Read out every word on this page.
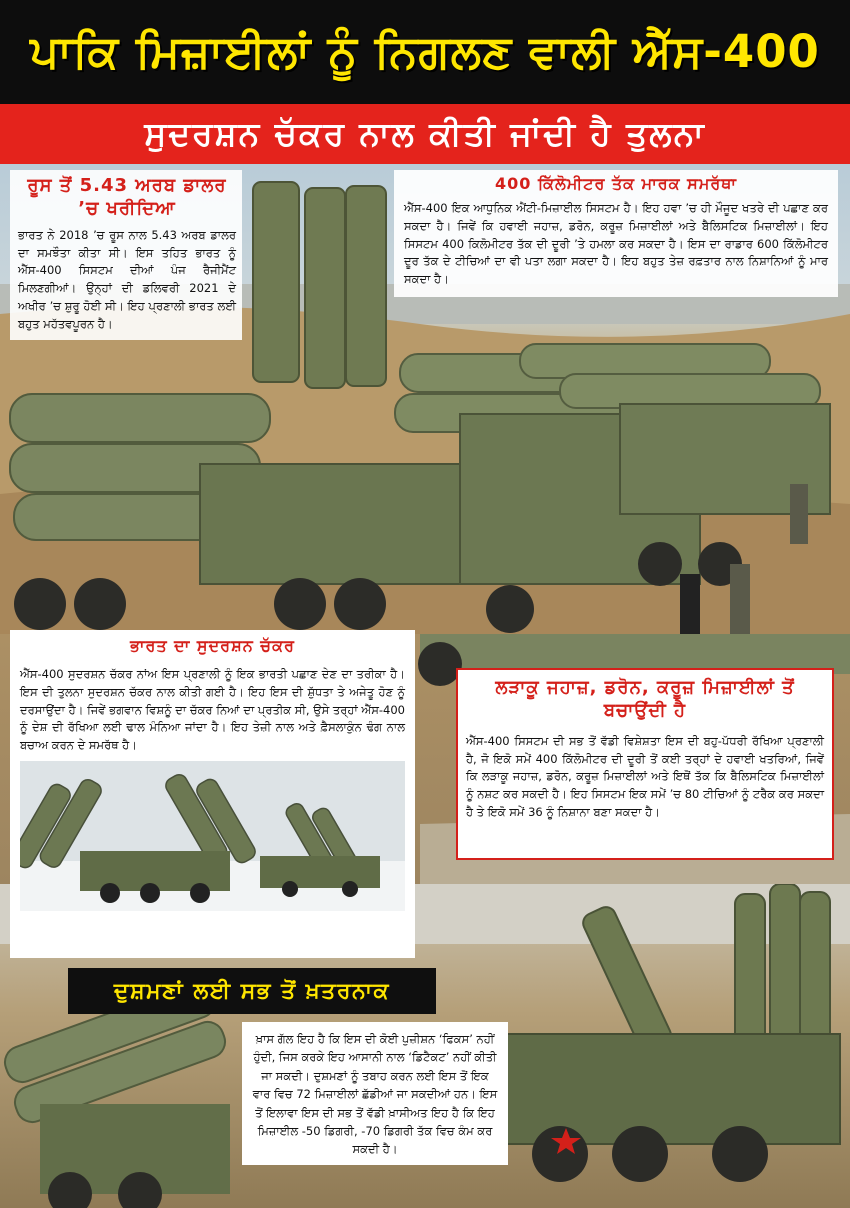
ਪਾਕਿ ਮਿਜ਼ਾਈਲਾਂ ਨੂੰ ਨਿਗਲਣ ਵਾਲੀ ਐੱਸ-400
ਸੁਦਰਸ਼ਨ ਚੱਕਰ ਨਾਲ ਕੀਤੀ ਜਾਂਦੀ ਹੈ ਤੁਲਨਾ
ਰੂਸ ਤੋਂ 5.43 ਅਰਬ ਡਾਲਰ ’ਚ ਖਰੀਦਿਆ

ਭਾਰਤ ਨੇ 2018 ’ਚ ਰੂਸ ਨਾਲ 5.43 ਅਰਬ ਡਾਲਰ ਦਾ ਸਮਝੌਤਾ ਕੀਤਾ ਸੀ। ਇਸ ਤਹਿਤ ਭਾਰਤ ਨੂੰ ਐੱਸ-400 ਸਿਸਟਮ ਦੀਆਂ ਪੰਜ ਰੈਜੀਮੈਂਟ ਮਿਲਣਗੀਆਂ। ਉਨ੍ਹਾਂ ਦੀ ਡਲਿਵਰੀ 2021 ਦੇ ਅਖੀਰ ’ਚ ਸ਼ੁਰੂ ਹੋਈ ਸੀ। ਇਹ ਪ੍ਰਣਾਲੀ ਭਾਰਤ ਲਈ ਬਹੁਤ ਮਹੱਤਵਪੂਰਨ ਹੈ।

400 ਕਿੱਲੋਮੀਟਰ ਤੱਕ ਮਾਰਕ ਸਮਰੱਥਾ

ਐੱਸ-400 ਇਕ ਆਧੁਨਿਕ ਐਂਟੀ-ਮਿਜ਼ਾਈਲ ਸਿਸਟਮ ਹੈ। ਇਹ ਹਵਾ ’ਚ ਹੀ ਮੌਜੂਦ ਖਤਰੇ ਦੀ ਪਛਾਣ ਕਰ ਸਕਦਾ ਹੈ। ਜਿਵੇਂ ਕਿ ਹਵਾਈ ਜਹਾਜ਼, ਡਰੋਨ, ਕਰੂਜ਼ ਮਿਜ਼ਾਈਲਾਂ ਅਤੇ ਬੈਲਿਸਟਿਕ ਮਿਜ਼ਾਈਲਾਂ। ਇਹ ਸਿਸਟਮ 400 ਕਿਲੋਮੀਟਰ ਤੱਕ ਦੀ ਦੂਰੀ ’ਤੇ ਹਮਲਾ ਕਰ ਸਕਦਾ ਹੈ। ਇਸ ਦਾ ਰਾਡਾਰ 600 ਕਿੱਲੋਮੀਟਰ ਦੂਰ ਤੱਕ ਦੇ ਟੀਚਿਆਂ ਦਾ ਵੀ ਪਤਾ ਲਗਾ ਸਕਦਾ ਹੈ। ਇਹ ਬਹੁਤ ਤੇਜ਼ ਰਫ਼ਤਾਰ ਨਾਲ ਨਿਸ਼ਾਨਿਆਂ ਨੂੰ ਮਾਰ ਸਕਦਾ ਹੈ।

ਭਾਰਤ ਦਾ ਸੁਦਰਸ਼ਨ ਚੱਕਰ

ਐੱਸ-400 ਸੁਦਰਸ਼ਨ ਚੱਕਰ ਨਾਂਅ ਇਸ ਪ੍ਰਣਾਲੀ ਨੂੰ ਇਕ ਭਾਰਤੀ ਪਛਾਣ ਦੇਣ ਦਾ ਤਰੀਕਾ ਹੈ। ਇਸ ਦੀ ਤੁਲਨਾ ਸੁਦਰਸ਼ਨ ਚੱਕਰ ਨਾਲ ਕੀਤੀ ਗਈ ਹੈ। ਇਹ ਇਸ ਦੀ ਸ਼ੁੱਧਤਾ ਤੇ ਅਜੇਤੂ ਹੋਣ ਨੂੰ ਦਰਸਾਉਂਦਾ ਹੈ। ਜਿਵੇਂ ਭਗਵਾਨ ਵਿਸ਼ਨੂੰ ਦਾ ਚੱਕਰ ਨਿਆਂ ਦਾ ਪ੍ਰਤੀਕ ਸੀ, ਉਸੇ ਤਰ੍ਹਾਂ ਐੱਸ-400 ਨੂੰ ਦੇਸ਼ ਦੀ ਰੱਖਿਆ ਲਈ ਢਾਲ ਮੰਨਿਆ ਜਾਂਦਾ ਹੈ। ਇਹ ਤੇਜ਼ੀ ਨਾਲ ਅਤੇ ਫ਼ੈਸਲਾਕੁੰਨ ਢੰਗ ਨਾਲ ਬਚਾਅ ਕਰਨ ਦੇ ਸਮਰੱਥ ਹੈ।

ਲੜਾਕੂ ਜਹਾਜ਼, ਡਰੋਨ, ਕਰੂਜ਼ ਮਿਜ਼ਾਈਲਾਂ ਤੋਂ ਬਚਾਉਂਦੀ ਹੈ

ਐੱਸ-400 ਸਿਸਟਮ ਦੀ ਸਭ ਤੋਂ ਵੱਡੀ ਵਿਸ਼ੇਸ਼ਤਾ ਇਸ ਦੀ ਬਹੁ-ਪੱਧਰੀ ਰੱਖਿਆ ਪ੍ਰਣਾਲੀ ਹੈ, ਜੋ ਇਕੋ ਸਮੇਂ 400 ਕਿੱਲੋਮੀਟਰ ਦੀ ਦੂਰੀ ਤੋਂ ਕਈ ਤਰ੍ਹਾਂ ਦੇ ਹਵਾਈ ਖਤਰਿਆਂ, ਜਿਵੇਂ ਕਿ ਲੜਾਕੂ ਜਹਾਜ਼, ਡਰੋਨ, ਕਰੂਜ਼ ਮਿਜ਼ਾਈਲਾਂ ਅਤੇ ਇਥੋਂ ਤੱਕ ਕਿ ਬੈਲਿਸਟਿਕ ਮਿਜ਼ਾਈਲਾਂ ਨੂੰ ਨਸ਼ਟ ਕਰ ਸਕਦੀ ਹੈ। ਇਹ ਸਿਸਟਮ ਇਕ ਸਮੇਂ ’ਚ 80 ਟੀਚਿਆਂ ਨੂੰ ਟਰੈਕ ਕਰ ਸਕਦਾ ਹੈ ਤੇ ਇਕੋ ਸਮੇਂ 36 ਨੂੰ ਨਿਸ਼ਾਨਾ ਬਣਾ ਸਕਦਾ ਹੈ।

ਦੁਸ਼ਮਣਾਂ ਲਈ ਸਭ ਤੋਂ ਖ਼ਤਰਨਾਕ

ਖ਼ਾਸ ਗੱਲ ਇਹ ਹੈ ਕਿ ਇਸ ਦੀ ਕੋਈ ਪੁਜ਼ੀਸ਼ਨ ‘ਫਿਕਸ’ ਨਹੀਂ ਹੁੰਦੀ, ਜਿਸ ਕਰਕੇ ਇਹ ਆਸਾਨੀ ਨਾਲ ‘ਡਿਟੈਕਟ’ ਨਹੀਂ ਕੀਤੀ ਜਾ ਸਕਦੀ। ਦੁਸ਼ਮਣਾਂ ਨੂੰ ਤਬਾਹ ਕਰਨ ਲਈ ਇਸ ਤੋਂ ਇਕ ਵਾਰ ਵਿਚ 72 ਮਿਜ਼ਾਈਲਾਂ ਛੱਡੀਆਂ ਜਾ ਸਕਦੀਆਂ ਹਨ। ਇਸ ਤੋਂ ਇਲਾਵਾ ਇਸ ਦੀ ਸਭ ਤੋਂ ਵੱਡੀ ਖ਼ਾਸੀਅਤ ਇਹ ਹੈ ਕਿ ਇਹ ਮਿਜ਼ਾਈਲ -50 ਡਿਗਰੀ, -70 ਡਿਗਰੀ ਤੱਕ ਵਿਚ ਕੰਮ ਕਰ ਸਕਦੀ ਹੈ।
